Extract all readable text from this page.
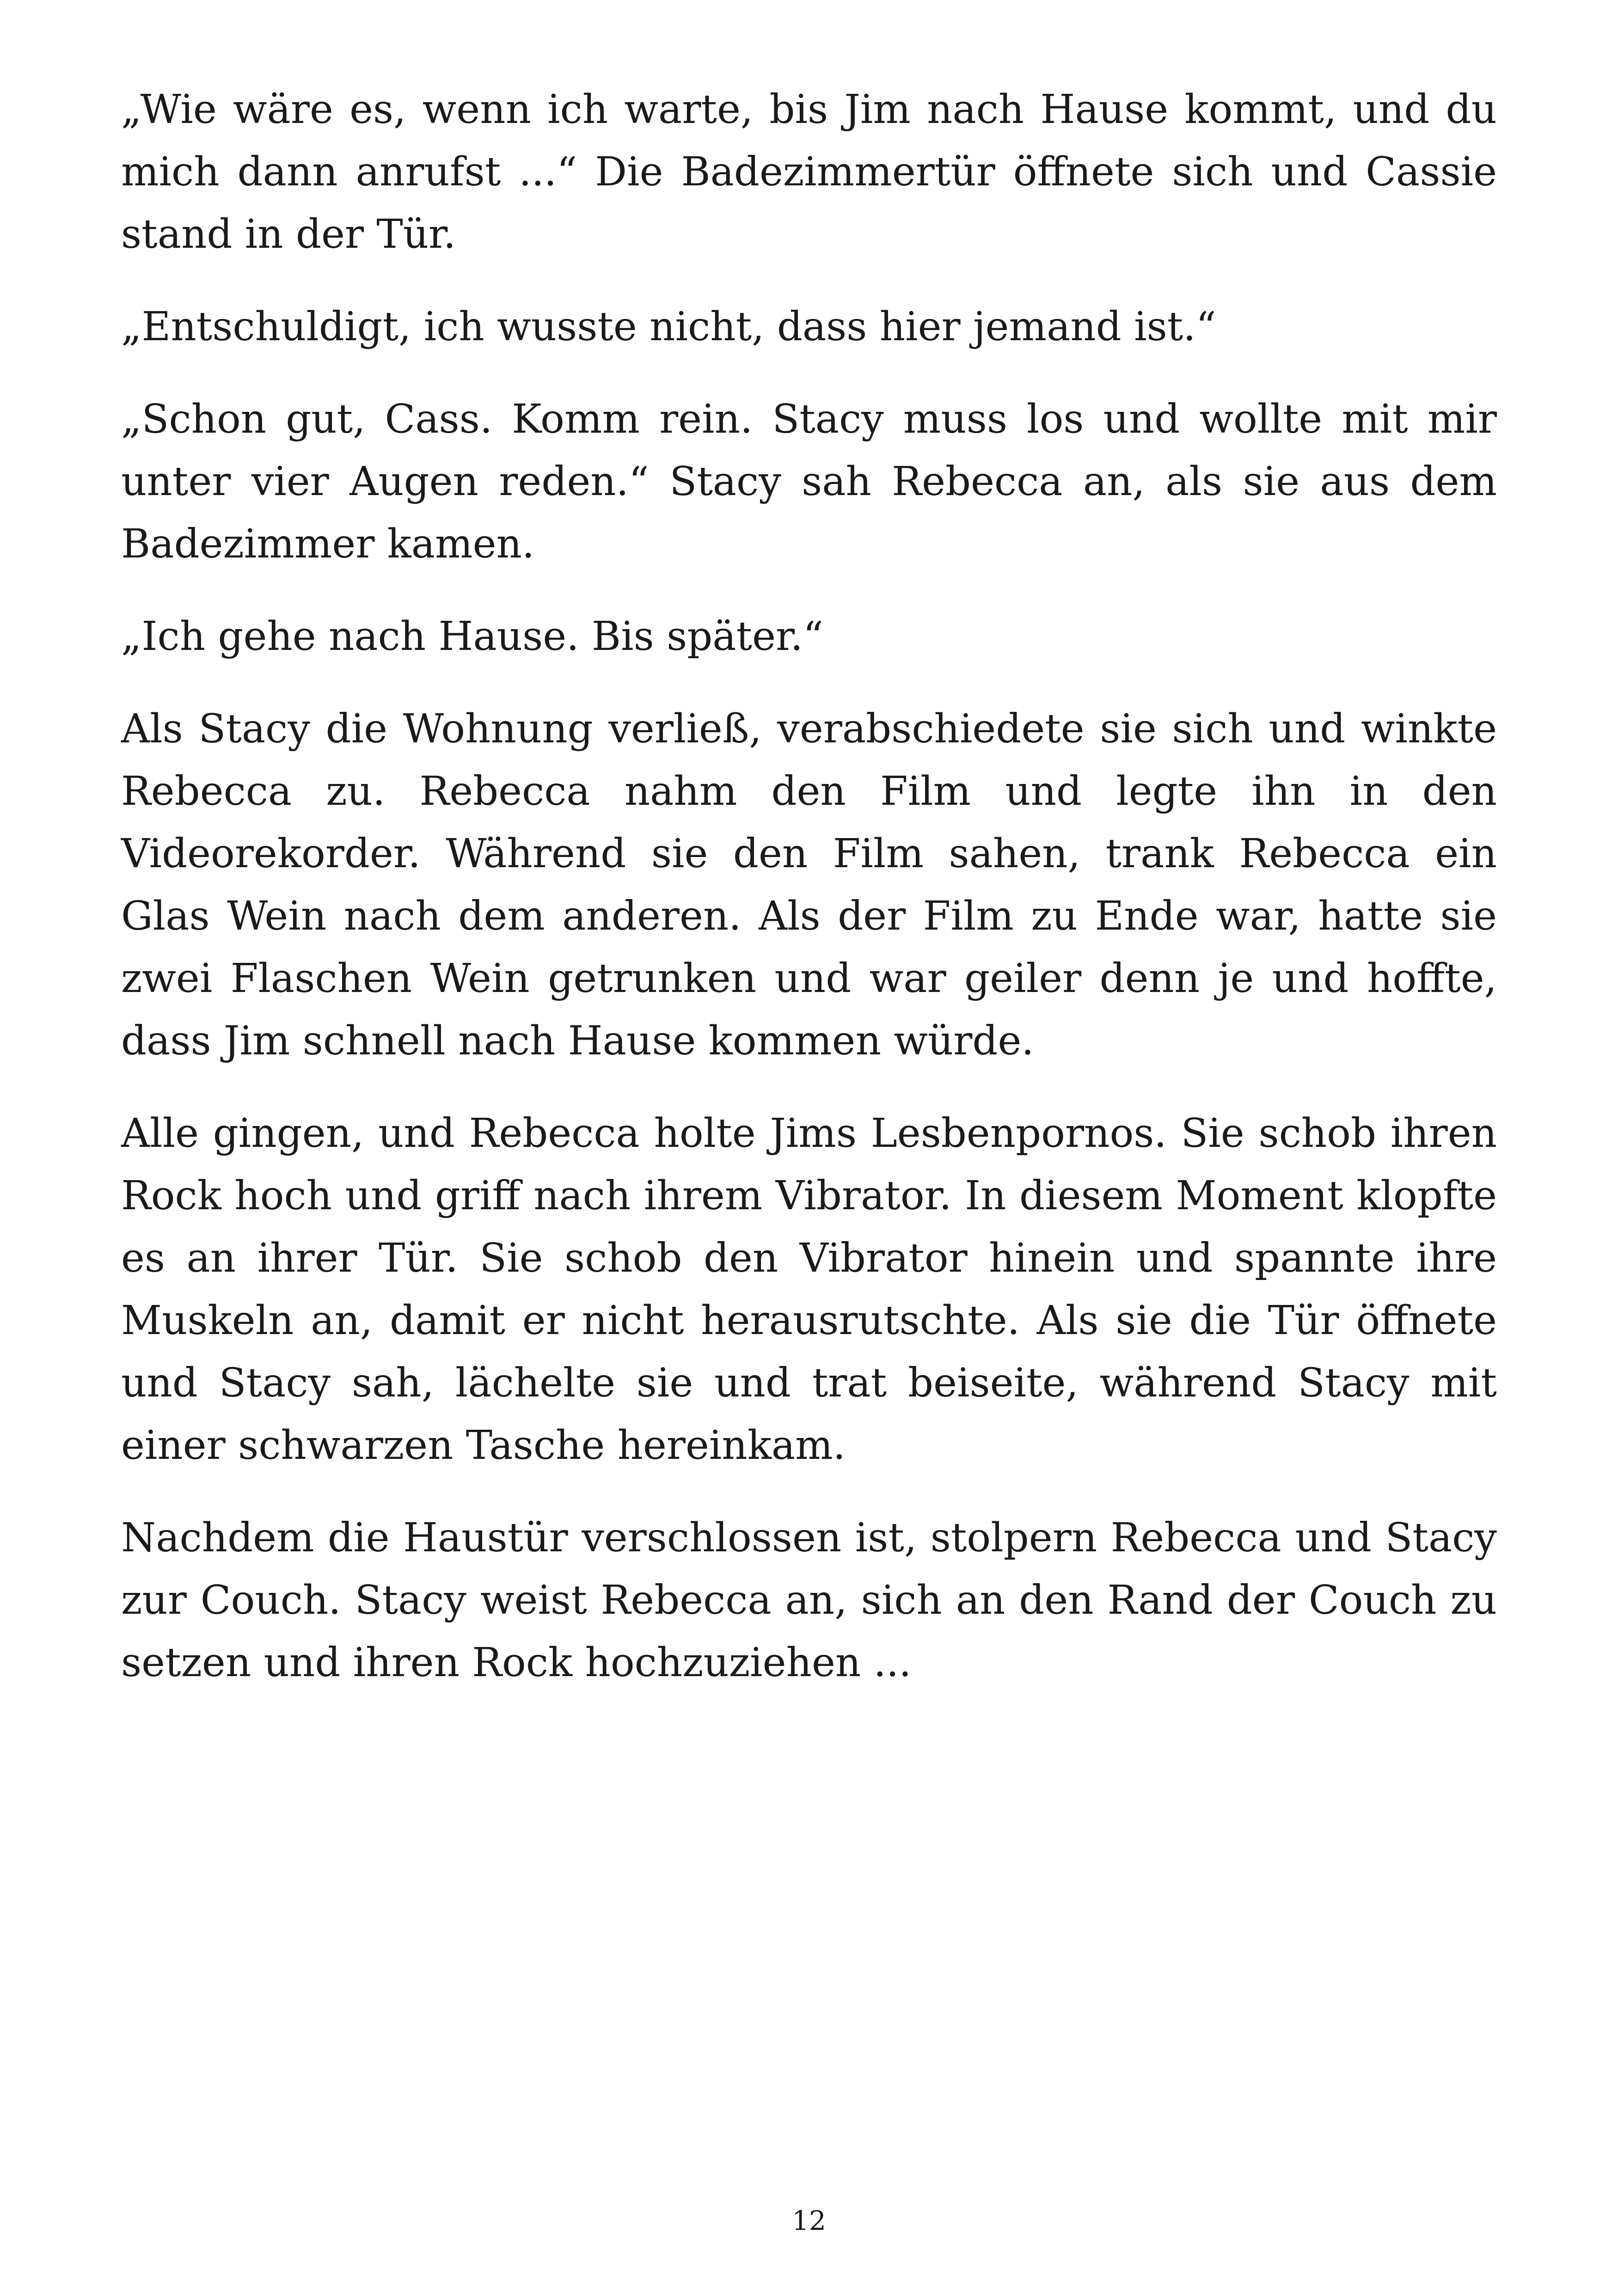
„Wie wäre es, wenn ich warte, bis Jim nach Hause kommt, und du mich dann anrufst ...“ Die Badezimmertür öffnete sich und Cassie stand in der Tür.

„Entschuldigt, ich wusste nicht, dass hier jemand ist.“

„Schon gut, Cass. Komm rein. Stacy muss los und wollte mit mir unter vier Augen reden.“ Stacy sah Rebecca an, als sie aus dem Badezimmer kamen.

„Ich gehe nach Hause. Bis später.“

Als Stacy die Wohnung verließ, verabschiedete sie sich und winkte Rebecca zu. Rebecca nahm den Film und legte ihn in den Videorekorder. Während sie den Film sahen, trank Rebecca ein Glas Wein nach dem anderen. Als der Film zu Ende war, hatte sie zwei Flaschen Wein getrunken und war geiler denn je und hoffte, dass Jim schnell nach Hause kommen würde.

Alle gingen, und Rebecca holte Jims Lesbenpornos. Sie schob ihren Rock hoch und griff nach ihrem Vibrator. In diesem Moment klopfte es an ihrer Tür. Sie schob den Vibrator hinein und spannte ihre Muskeln an, damit er nicht herausrutschte. Als sie die Tür öffnete und Stacy sah, lächelte sie und trat beiseite, während Stacy mit einer schwarzen Tasche hereinkam.

Nachdem die Haustür verschlossen ist, stolpern Rebecca und Stacy zur Couch. Stacy weist Rebecca an, sich an den Rand der Couch zu setzen und ihren Rock hochzuziehen ...

12
